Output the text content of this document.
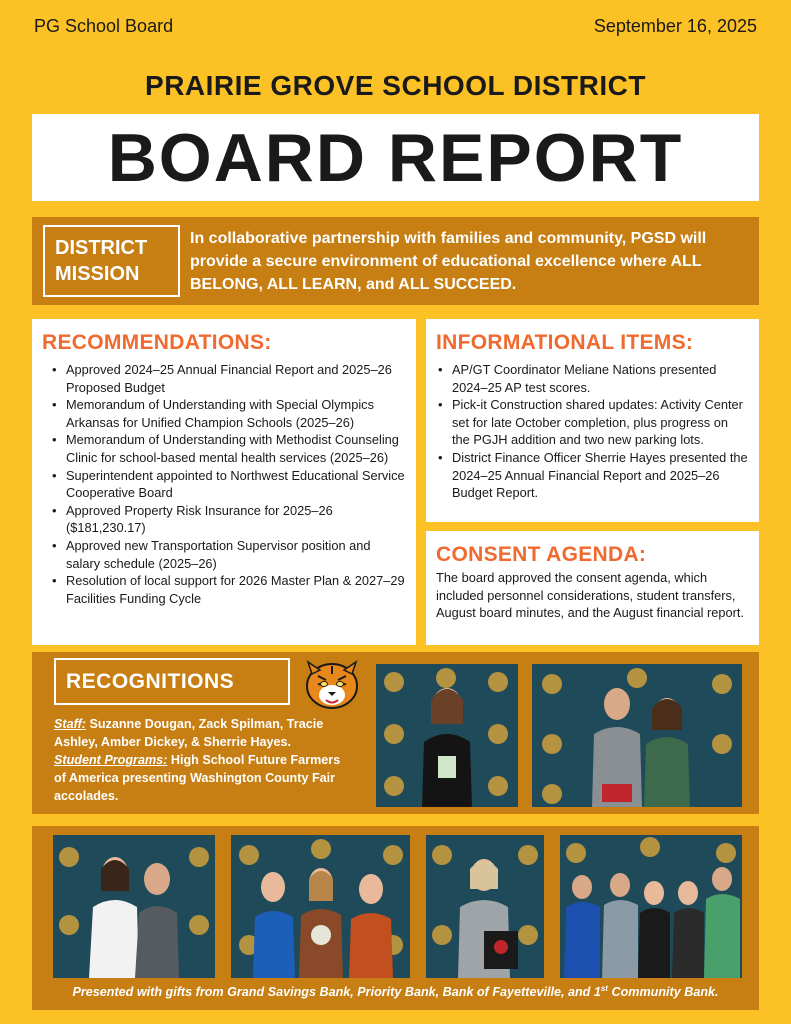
PG School Board	September 16, 2025
PRAIRIE GROVE SCHOOL DISTRICT
BOARD REPORT
DISTRICT
MISSION
In collaborative partnership with families and community, PGSD will provide a secure environment of educational excellence where ALL BELONG, ALL LEARN, and ALL SUCCEED.
RECOMMENDATIONS:
• Approved 2024–25 Annual Financial Report and 2025–26 Proposed Budget
• Memorandum of Understanding with Special Olympics Arkansas for Unified Champion Schools (2025–26)
• Memorandum of Understanding with Methodist Counseling Clinic for school-based mental health services (2025–26)
• Superintendent appointed to Northwest Educational Service Cooperative Board
• Approved Property Risk Insurance for 2025–26 ($181,230.17)
• Approved new Transportation Supervisor position and salary schedule (2025–26)
• Resolution of local support for 2026 Master Plan & 2027–29 Facilities Funding Cycle
INFORMATIONAL ITEMS:
• AP/GT Coordinator Meliane Nations presented 2024–25 AP test scores.
• Pick-it Construction shared updates: Activity Center set for late October completion, plus progress on the PGJH addition and two new parking lots.
• District Finance Officer Sherrie Hayes presented the 2024–25 Annual Financial Report and 2025–26 Budget Report.
CONSENT AGENDA:

The board approved the consent agenda, which included personnel considerations, student transfers, August board minutes, and the August financial report.

RECOGNITIONS
Staff: Suzanne Dougan, Zack Spilman, Tracie Ashley, Amber Dickey, & Sherrie Hayes.
Student Programs: High School Future Farmers of America presenting Washington County Fair accolades.
Presented with gifts from Grand Savings Bank, Priority Bank, Bank of Fayetteville, and 1st Community Bank.
